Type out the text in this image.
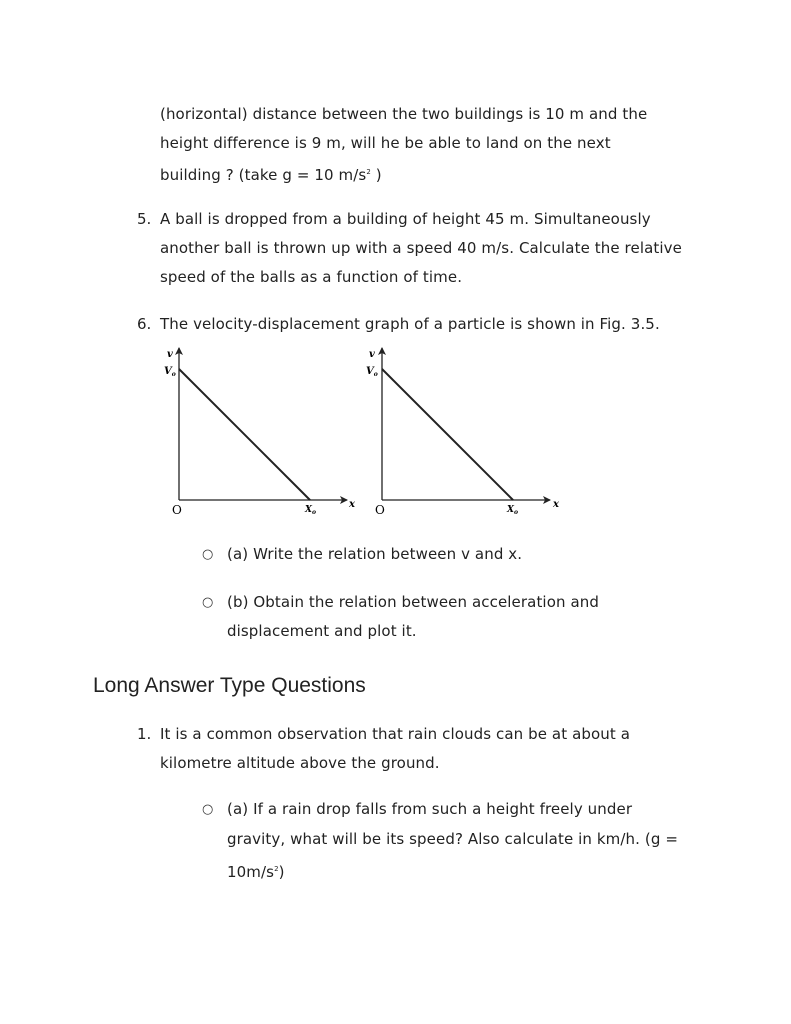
(horizontal) distance between the two buildings is 10 m and the
height difference is 9 m, will he be able to land on the next
building ? (take g = 10 $m/s^2$ )
5. A ball is dropped from a building of height 45 m. Simultaneously
another ball is thrown up with a speed 40 m/s. Calculate the relative
speed of the balls as a function of time.
6. The velocity-displacement graph of a particle is shown in Fig. 3.5.
v
$V_o$
x
$X_o$
O
v
$V_o$
x
$X_o$
O
○ (a) Write the relation between v and x.
○ (b) Obtain the relation between acceleration and
displacement and plot it.
Long Answer Type Questions
1. It is a common observation that rain clouds can be at about a
kilometre altitude above the ground.
○ (a) If a rain drop falls from such a height freely under
gravity, what will be its speed? Also calculate in km/h. (g =
$10m/s^2$)
